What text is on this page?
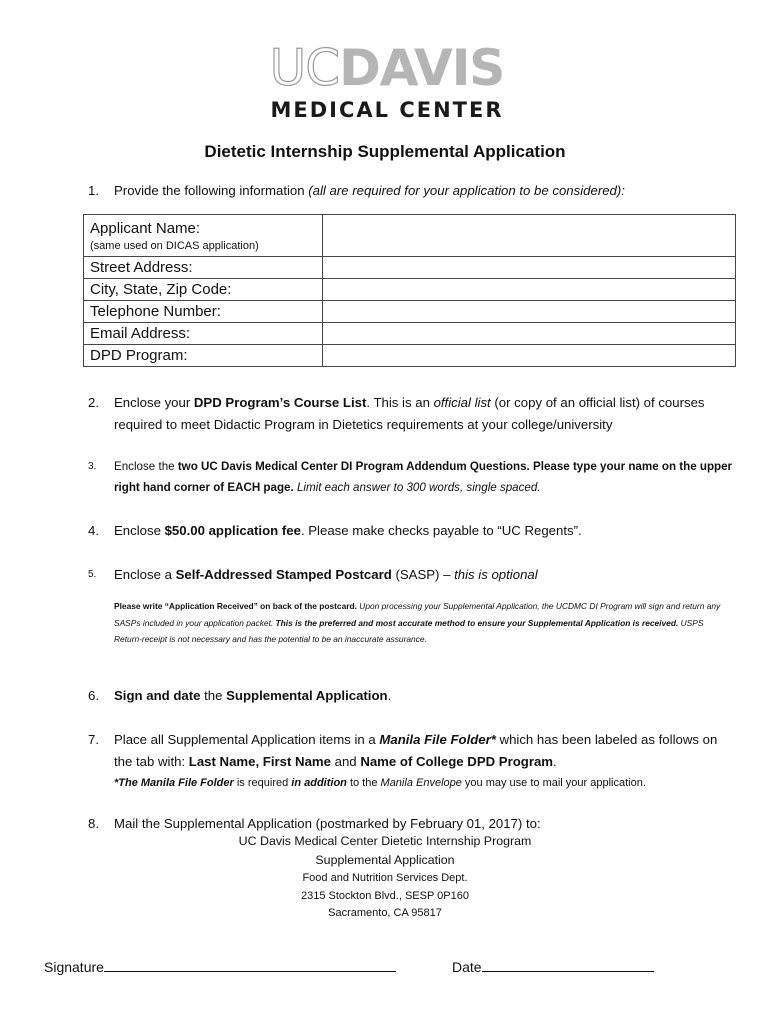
UCDAVIS
MEDICAL CENTER
Dietetic Internship Supplemental Application
1. Provide the following information (all are required for your application to be considered):
Applicant Name:
(same used on DICAS application)	

Street Address:	
City, State, Zip Code:	
Telephone Number:	
Email Address:	
DPD Program:	
2. Enclose your DPD Program’s Course List. This is an official list (or copy of an official list) of courses required to meet Didactic Program in Dietetics requirements at your college/university
3. Enclose the two UC Davis Medical Center DI Program Addendum Questions. Please type your name on the upper right hand corner of EACH page. Limit each answer to 300 words, single spaced.
4. Enclose $50.00 application fee. Please make checks payable to “UC Regents”.
5. Enclose a Self-Addressed Stamped Postcard (SASP) – this is optional
Please write “Application Received” on back of the postcard. Upon processing your Supplemental Application, the UCDMC DI Program will sign and return any SASPs included in your application packet. This is the preferred and most accurate method to ensure your Supplemental Application is received. USPS Return-receipt is not necessary and has the potential to be an inaccurate assurance.
6. Sign and date the Supplemental Application.
7. Place all Supplemental Application items in a Manila File Folder* which has been labeled as follows on the tab with: Last Name, First Name and Name of College DPD Program.
*The Manila File Folder is required in addition to the Manila Envelope you may use to mail your application.
8. Mail the Supplemental Application (postmarked by February 01, 2017) to:
UC Davis Medical Center Dietetic Internship Program
Supplemental Application
Food and Nutrition Services Dept.
2315 Stockton Blvd., SESP 0P160
Sacramento, CA 95817
Signature	Date
